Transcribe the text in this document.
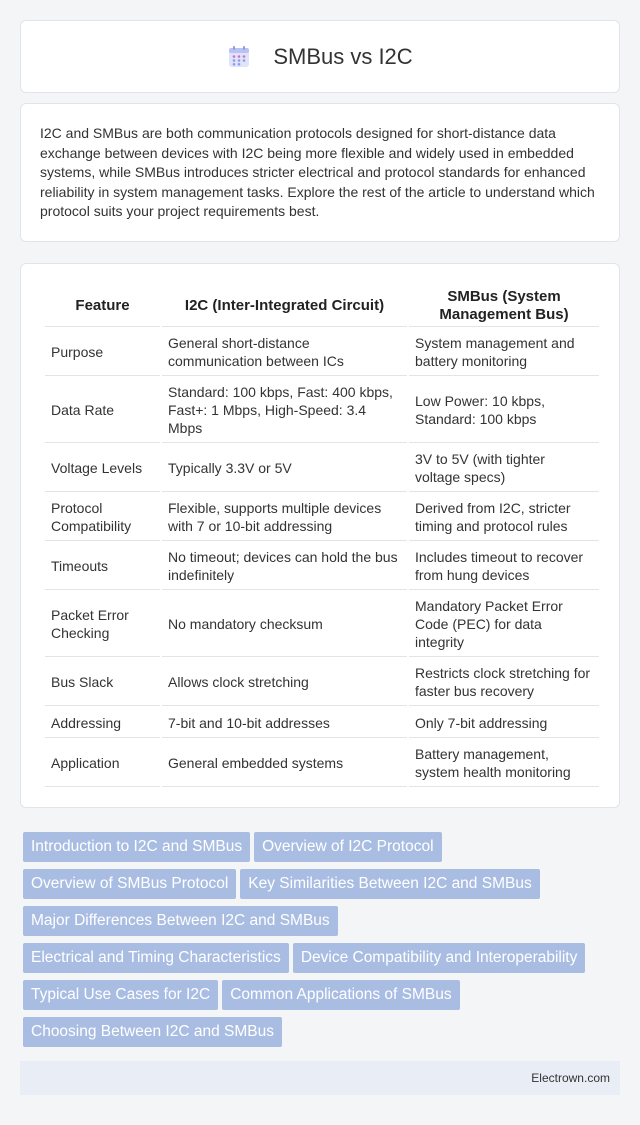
SMBus vs I2C

I2C and SMBus are both communication protocols designed for short-distance data exchange between devices with I2C being more flexible and widely used in embedded systems, while SMBus introduces stricter electrical and protocol standards for enhanced reliability in system management tasks. Explore the rest of the article to understand which protocol suits your project requirements best.

Feature	I2C (Inter-Integrated Circuit)	SMBus (System Management Bus)
Purpose	General short-distance communication between ICs	System management and battery monitoring
Data Rate	Standard: 100 kbps, Fast: 400 kbps, Fast+: 1 Mbps, High-Speed: 3.4 Mbps	Low Power: 10 kbps, Standard: 100 kbps
Voltage Levels	Typically 3.3V or 5V	3V to 5V (with tighter voltage specs)
Protocol Compatibility	Flexible, supports multiple devices with 7 or 10-bit addressing	Derived from I2C, stricter timing and protocol rules
Timeouts	No timeout; devices can hold the bus indefinitely	Includes timeout to recover from hung devices
Packet Error Checking	No mandatory checksum	Mandatory Packet Error Code (PEC) for data integrity
Bus Slack	Allows clock stretching	Restricts clock stretching for faster bus recovery
Addressing	7-bit and 10-bit addresses	Only 7-bit addressing
Application	General embedded systems	Battery management, system health monitoring
Introduction to I2C and SMBus Overview of I2C Protocol
Overview of SMBus Protocol Key Similarities Between I2C and SMBus
Major Differences Between I2C and SMBus
Electrical and Timing Characteristics Device Compatibility and Interoperability
Typical Use Cases for I2C Common Applications of SMBus
Choosing Between I2C and SMBus
Electrown.com
